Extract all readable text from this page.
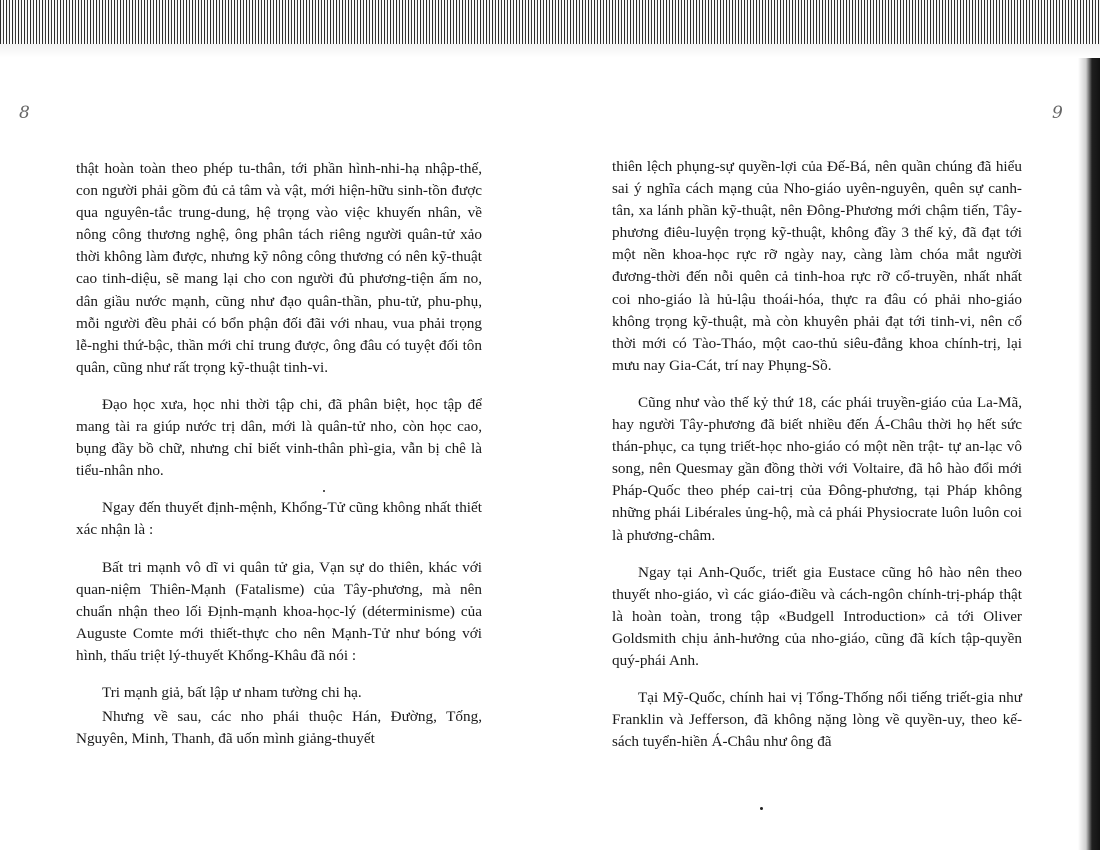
8	9

thật hoàn toàn theo phép tu-thân, tới phần hình-nhi-hạ nhập-thế, con người phải gồm đủ cả tâm và vật, mới hiện-hữu sinh-tồn được qua nguyên-tắc trung-dung, hệ trọng vào việc khuyến nhân, về nông công thương nghệ, ông phân tách riêng người quân-tử xảo thời không làm được, nhưng kỹ nông công thương có nên kỹ-thuật cao tinh-diệu, sẽ mang lại cho con người đủ phương-tiện ấm no, dân giầu nước mạnh, cũng như đạo quân-thần, phu-tử, phu-phụ, mỗi người đều phải có bổn phận đối đãi với nhau, vua phải trọng lễ-nghi thứ-bậc, thần mới chỉ trung được, ông đâu có tuyệt đối tôn quân, cũng như rất trọng kỹ-thuật tinh-vi.

Đạo học xưa, học nhi thời tập chi, đã phân biệt, học tập để mang tài ra giúp nước trị dân, mới là quân-tử nho, còn học cao, bụng đầy bồ chữ, nhưng chỉ biết vinh-thân phì-gia, vẫn bị chê là tiểu-nhân nho.

Ngay đến thuyết định-mệnh, Khổng-Tử cũng không nhất thiết xác nhận là :

Bất tri mạnh vô dĩ vi quân tử gia, Vạn sự do thiên, khác với quan-niệm Thiên-Mạnh (Fatalisme) của Tây-phương, mà nên chuẩn nhận theo lối Định-mạnh khoa-học-lý (déterminisme) của Auguste Comte mới thiết-thực cho nên Mạnh-Tử như bóng với hình, thấu triệt lý-thuyết Khổng-Khâu đã nói :

Tri mạnh giả, bất lập ư nham tường chi hạ.

Nhưng về sau, các nho phái thuộc Hán, Đường, Tống, Nguyên, Minh, Thanh, đã uốn mình giảng-thuyết

thiên lệch phụng-sự quyền-lợi của Đế-Bá, nên quần chúng đã hiểu sai ý nghĩa cách mạng của Nho-giáo uyên-nguyên, quên sự canh-tân, xa lánh phần kỹ-thuật, nên Đông-Phương mới chậm tiến, Tây-phương điêu-luyện trọng kỹ-thuật, không đầy 3 thế kỷ, đã đạt tới một nền khoa-học rực rỡ ngày nay, càng làm chóa mắt người đương-thời đến nỗi quên cả tinh-hoa rực rỡ cổ-truyền, nhất nhất coi nho-giáo là hủ-lậu thoái-hóa, thực ra đâu có phải nho-giáo không trọng kỹ-thuật, mà còn khuyên phải đạt tới tinh-vi, nên cổ thời mới có Tào-Tháo, một cao-thủ siêu-đẳng khoa chính-trị, lại mưu nay Gia-Cát, trí nay Phụng-Sồ.

Cũng như vào thế kỷ thứ 18, các phái truyền-giáo của La-Mã, hay người Tây-phương đã biết nhiều đến Á-Châu thời họ hết sức thán-phục, ca tụng triết-học nho-giáo có một nền trật- tự an-lạc vô song, nên Quesmay gần đồng thời với Voltaire, đã hô hào đổi mới Pháp-Quốc theo phép cai-trị của Đông-phương, tại Pháp không những phái Libérales ủng-hộ, mà cả phái Physiocrate luôn luôn coi là phương-châm.

Ngay tại Anh-Quốc, triết gia Eustace cũng hô hào nên theo thuyết nho-giáo, vì các giáo-điều và cách-ngôn chính-trị-pháp thật là hoàn toàn, trong tập «Budgell Introduction» cả tới Oliver Goldsmith chịu ảnh-hưởng của nho-giáo, cũng đã kích tập-quyền quý-phái Anh.

Tại Mỹ-Quốc, chính hai vị Tổng-Thống nổi tiếng triết-gia như Franklin và Jefferson, đã không nặng lòng về quyền-uy, theo kế- sách tuyển-hiền Á-Châu như ông đã
